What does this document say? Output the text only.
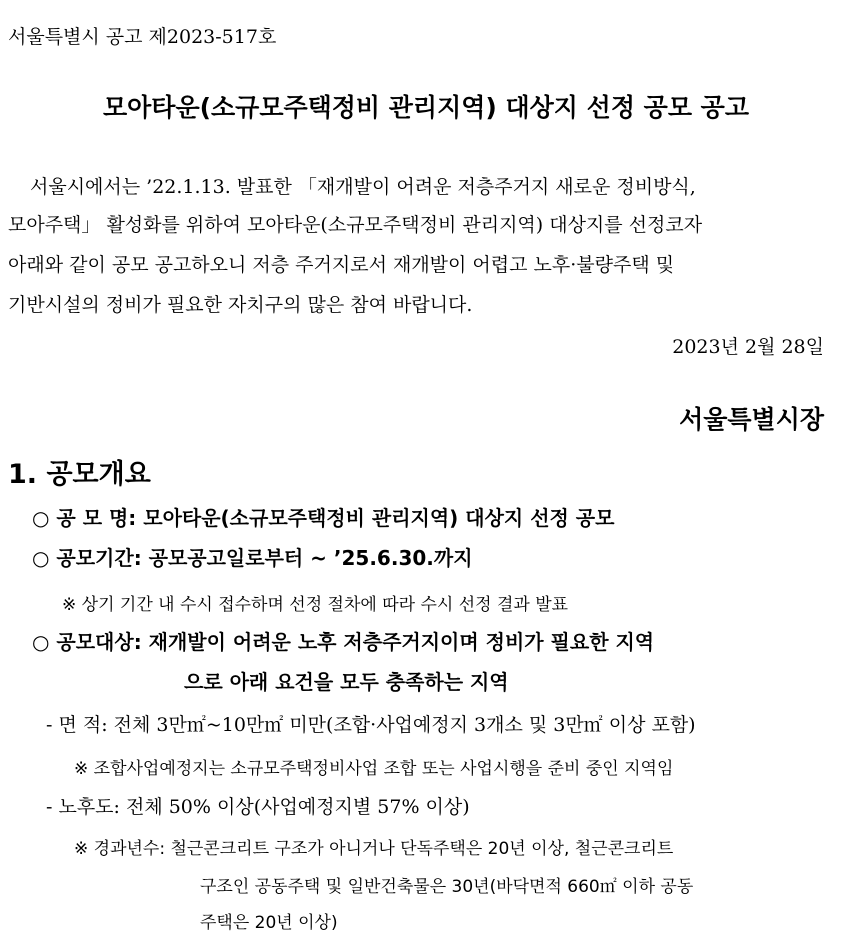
서울특별시 공고 제2023-517호
모아타운(소규모주택정비 관리지역) 대상지 선정 공모 공고
서울시에서는 ’22.1.13. 발표한 「재개발이 어려운 저층주거지 새로운 정비방식,
모아주택」 활성화를 위하여 모아타운(소규모주택정비 관리지역) 대상지를 선정코자
아래와 같이 공모 공고하오니 저층 주거지로서 재개발이 어렵고 노후·불량주택 및
기반시설의 정비가 필요한 자치구의 많은 참여 바랍니다.
2023년 2월 28일
서울특별시장
1. 공모개요
○ 공 모 명: 모아타운(소규모주택정비 관리지역) 대상지 선정 공모
○ 공모기간: 공모공고일로부터 ~ ’25.6.30.까지
※ 상기 기간 내 수시 접수하며 선정 절차에 따라 수시 선정 결과 발표
○ 공모대상: 재개발이 어려운 노후 저층주거지이며 정비가 필요한 지역
으로 아래 요건을 모두 충족하는 지역
- 면 적: 전체 3만㎡~10만㎡ 미만(조합·사업예정지 3개소 및 3만㎡ 이상 포함)
※ 조합사업예정지는 소규모주택정비사업 조합 또는 사업시행을 준비 중인 지역임
- 노후도: 전체 50% 이상(사업예정지별 57% 이상)
※ 경과년수: 철근콘크리트 구조가 아니거나 단독주택은 20년 이상, 철근콘크리트
구조인 공동주택 및 일반건축물은 30년(바닥면적 660㎡ 이하 공동
주택은 20년 이상)
